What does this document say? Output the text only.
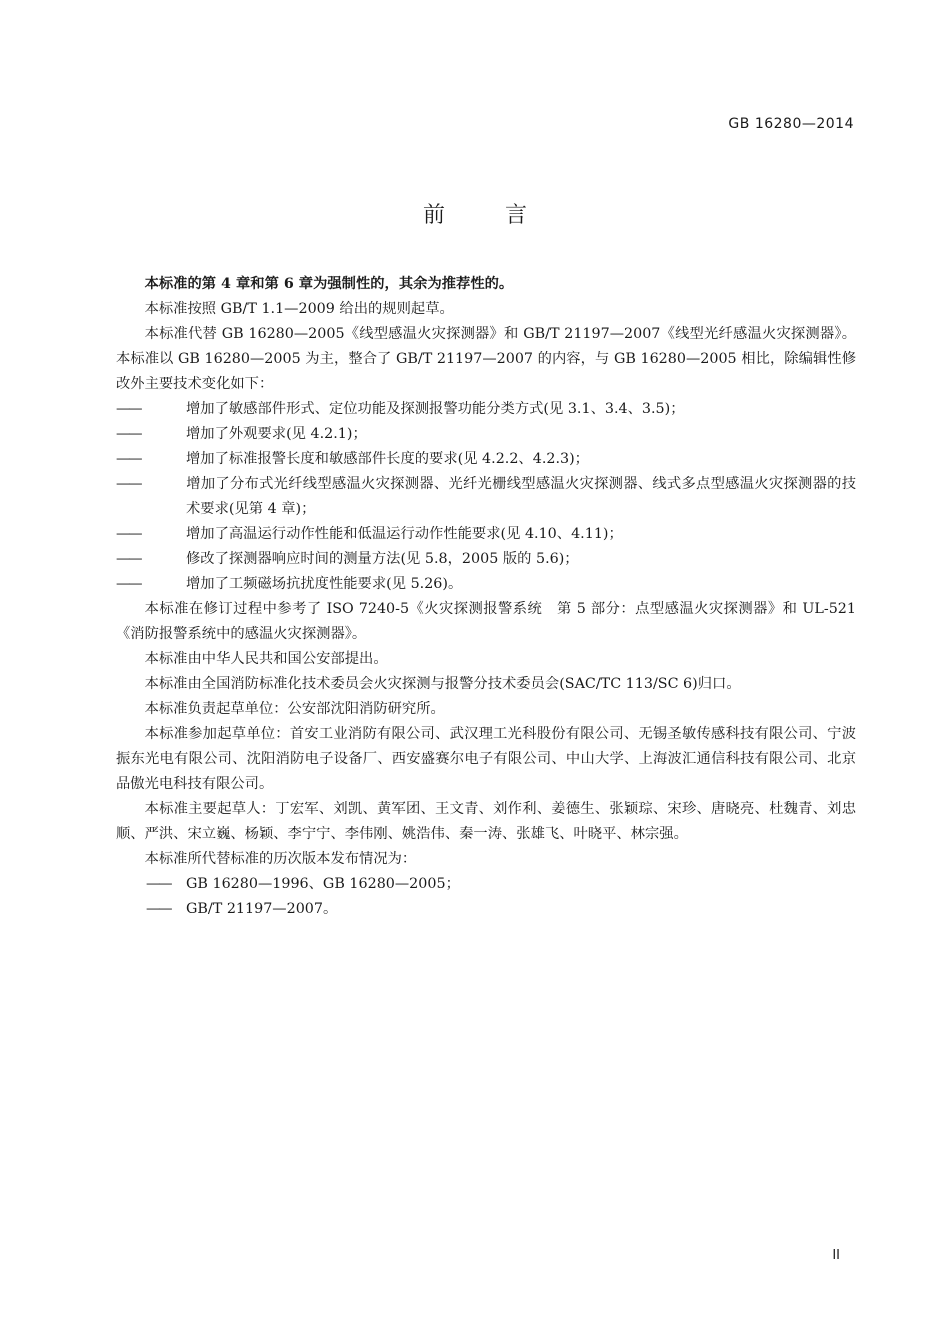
GB 16280—2014
前言

本标准的第 4 章和第 6 章为强制性的，其余为推荐性的。

本标准按照 GB/T 1.1—2009 给出的规则起草。

本标准代替 GB 16280—2005《线型感温火灾探测器》和 GB/T 21197—2007《线型光纤感温火灾探测器》。本标准以 GB 16280—2005 为主，整合了 GB/T 21197—2007 的内容，与 GB 16280—2005 相比，除编辑性修改外主要技术变化如下：

——	增加了敏感部件形式、定位功能及探测报警功能分类方式(见 3.1、3.4、3.5)；

——	增加了外观要求(见 4.2.1)；

——	增加了标准报警长度和敏感部件长度的要求(见 4.2.2、4.2.3)；

——	增加了分布式光纤线型感温火灾探测器、光纤光栅线型感温火灾探测器、线式多点型感温火灾探测器的技术要求(见第 4 章)；

——	增加了高温运行动作性能和低温运行动作性能要求(见 4.10、4.11)；

——	修改了探测器响应时间的测量方法(见 5.8，2005 版的 5.6)；

——	增加了工频磁场抗扰度性能要求(见 5.26)。

本标准在修订过程中参考了 ISO 7240-5《火灾探测报警系统　第 5 部分：点型感温火灾探测器》和 UL-521《消防报警系统中的感温火灾探测器》。

本标准由中华人民共和国公安部提出。

本标准由全国消防标准化技术委员会火灾探测与报警分技术委员会(SAC/TC 113/SC 6)归口。

本标准负责起草单位：公安部沈阳消防研究所。

本标准参加起草单位：首安工业消防有限公司、武汉理工光科股份有限公司、无锡圣敏传感科技有限公司、宁波振东光电有限公司、沈阳消防电子设备厂、西安盛赛尔电子有限公司、中山大学、上海波汇通信科技有限公司、北京品傲光电科技有限公司。

本标准主要起草人：丁宏军、刘凯、黄军团、王文青、刘作利、姜德生、张颖琮、宋珍、唐晓亮、杜魏青、刘忠顺、严洪、宋立巍、杨颖、李宁宁、李伟刚、姚浩伟、秦一涛、张雄飞、叶晓平、林宗强。

本标准所代替标准的历次版本发布情况为：

—— GB 16280—1996、GB 16280—2005；

—— GB/T 21197—2007。

II
